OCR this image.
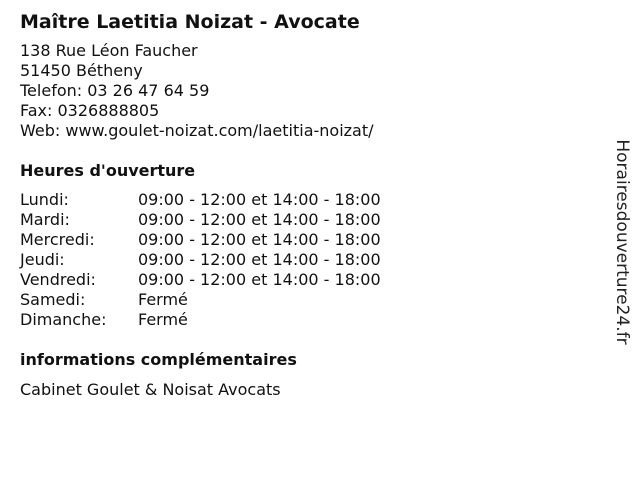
Maître Laetitia Noizat - Avocate
138 Rue Léon Faucher
51450 Bétheny
Telefon: 03 26 47 64 59
Fax: 0326888805
Web: www.goulet-noizat.com/laetitia-noizat/
Heures d'ouverture
Lundi:	09:00 - 12:00 et 14:00 - 18:00
Mardi:	09:00 - 12:00 et 14:00 - 18:00
Mercredi:	09:00 - 12:00 et 14:00 - 18:00
Jeudi:	09:00 - 12:00 et 14:00 - 18:00
Vendredi:	09:00 - 12:00 et 14:00 - 18:00
Samedi:	Fermé
Dimanche:	Fermé
informations complémentaires
Cabinet Goulet & Noisat Avocats
Horairesdouverture24.fr
